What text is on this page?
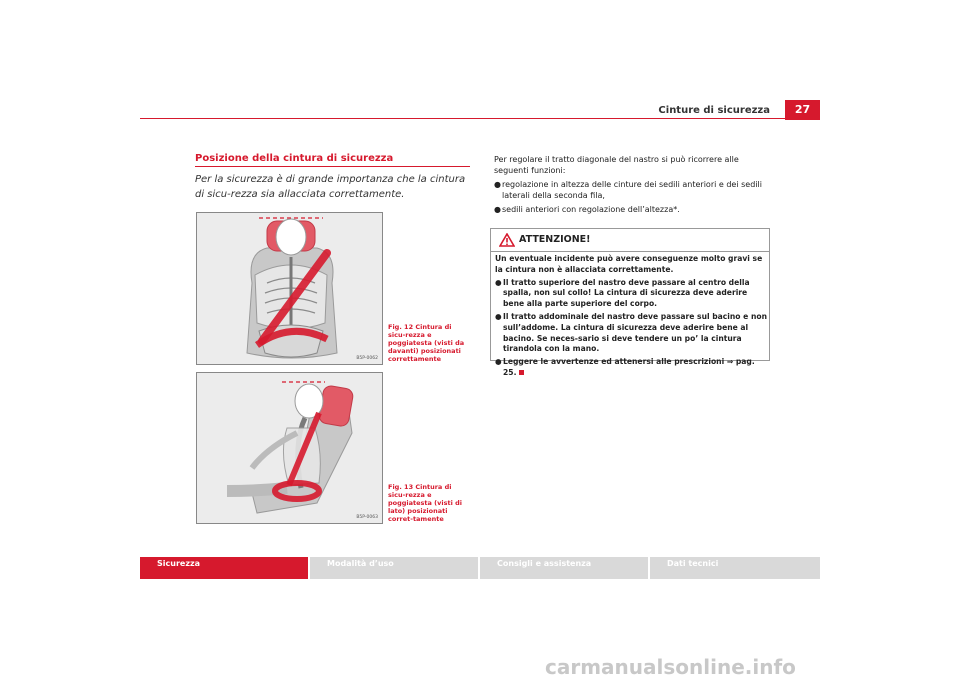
Cinture di sicurezza	27
Posizione della cintura di sicurezza
Per la sicurezza è di grande importanza che la cintura di sicu-rezza sia allacciata correttamente.
B5P-0062
Fig. 12 Cintura di sicu-rezza e poggiatesta (visti da davanti) posizionati correttamente
B5P-0063
Fig. 13 Cintura di sicu-rezza e poggiatesta (visti di lato) posizionati corret-tamente
Per regolare il tratto diagonale del nastro si può ricorrere alle seguenti funzioni:
● regolazione in altezza delle cinture dei sedili anteriori e dei sedili laterali della seconda fila,
● sedili anteriori con regolazione dell’altezza*.
ATTENZIONE!
Un eventuale incidente può avere conseguenze molto gravi se la cintura non è allacciata correttamente.
● Il tratto superiore del nastro deve passare al centro della spalla, non sul collo! La cintura di sicurezza deve aderire bene alla parte superiore del corpo.
● Il tratto addominale del nastro deve passare sul bacino e non sull’addome. La cintura di sicurezza deve aderire bene al bacino. Se neces-sario si deve tendere un po’ la cintura tirandola con la mano.
● Leggere le avvertenze ed attenersi alle prescrizioni ⇒ pag. 25.
Sicurezza	Modalità d’uso	Consigli e assistenza	Dati tecnici
carmanualsonline.info
